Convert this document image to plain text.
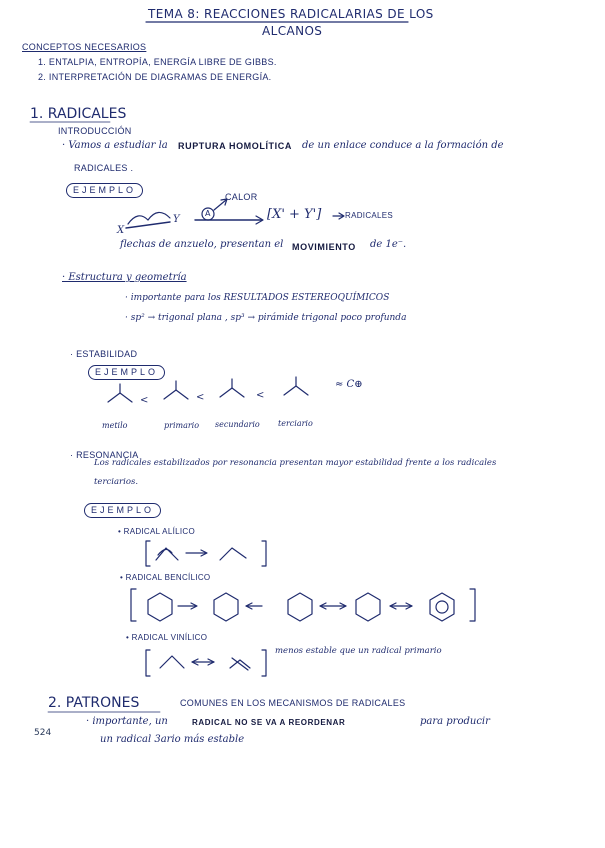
TEMA 8: REACCIONES RADICALARIAS DE LOS
ALCANOS
CONCEPTOS NECESARIOS
1. ENTALPIA, ENTROPÍA, ENERGÍA LIBRE DE GIBBS.
2. INTERPRETACIÓN DE DIAGRAMAS DE ENERGÍA.
1. RADICALES
INTRODUCCIÓN
· Vamos a estudiar la RUPTURA HOMOLÍTICA de un enlace conduce a la formación de
RADICALES .
EJEMPLO
X
Y
CALOR
A	[X' + Y']	RADICALES
flechas de anzuelo, presentan el MOVIMIENTO de 1e⁻.
· Estructura y geometría
· importante para los RESULTADOS ESTEREOQUÍMICOS
· sp² → trigonal plana , sp³ → pirámide trigonal poco profunda
· ESTABILIDAD
EJEMPLO
<	<	<
≈ C⊕
metilo	primario secundario terciario
· RESONANCIA
Los radicales estabilizados por resonancia presentan mayor estabilidad frente a los radicales
terciarios.
EJEMPLO
• RADICAL ALÍLICO
• RADICAL BENCÍLICO
• RADICAL VINÍLICO
menos estable que un radical primario
2. PATRONES	COMUNES EN LOS MECANISMOS DE RADICALES
· importante, un	RADICAL NO SE VA A REORDENAR	para producir
un radical 3ario más estable
524
